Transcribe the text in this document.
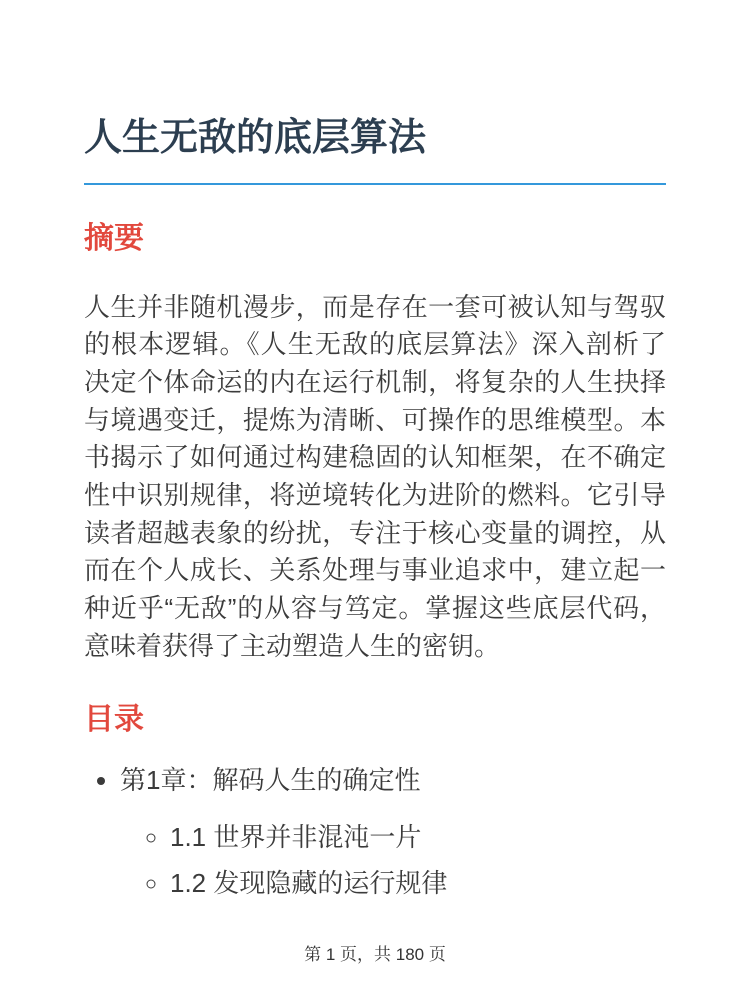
人生无敌的底层算法
摘要

人生并非随机漫步，而是存在一套可被认知与驾驭的根本逻辑。《人生无敌的底层算法》深入剖析了决定个体命运的内在运行机制，将复杂的人生抉择与境遇变迁，提炼为清晰、可操作的思维模型。本书揭示了如何通过构建稳固的认知框架，在不确定性中识别规律，将逆境转化为进阶的燃料。它引导读者超越表象的纷扰，专注于核心变量的调控，从而在个人成长、关系处理与事业追求中，建立起一种近乎“无敌”的从容与笃定。掌握这些底层代码，意味着获得了主动塑造人生的密钥。

目录
• 第1章：解码人生的确定性
◦ 1.1 世界并非混沌一片
◦ 1.2 发现隐藏的运行规律
第 1 页，共 180 页
